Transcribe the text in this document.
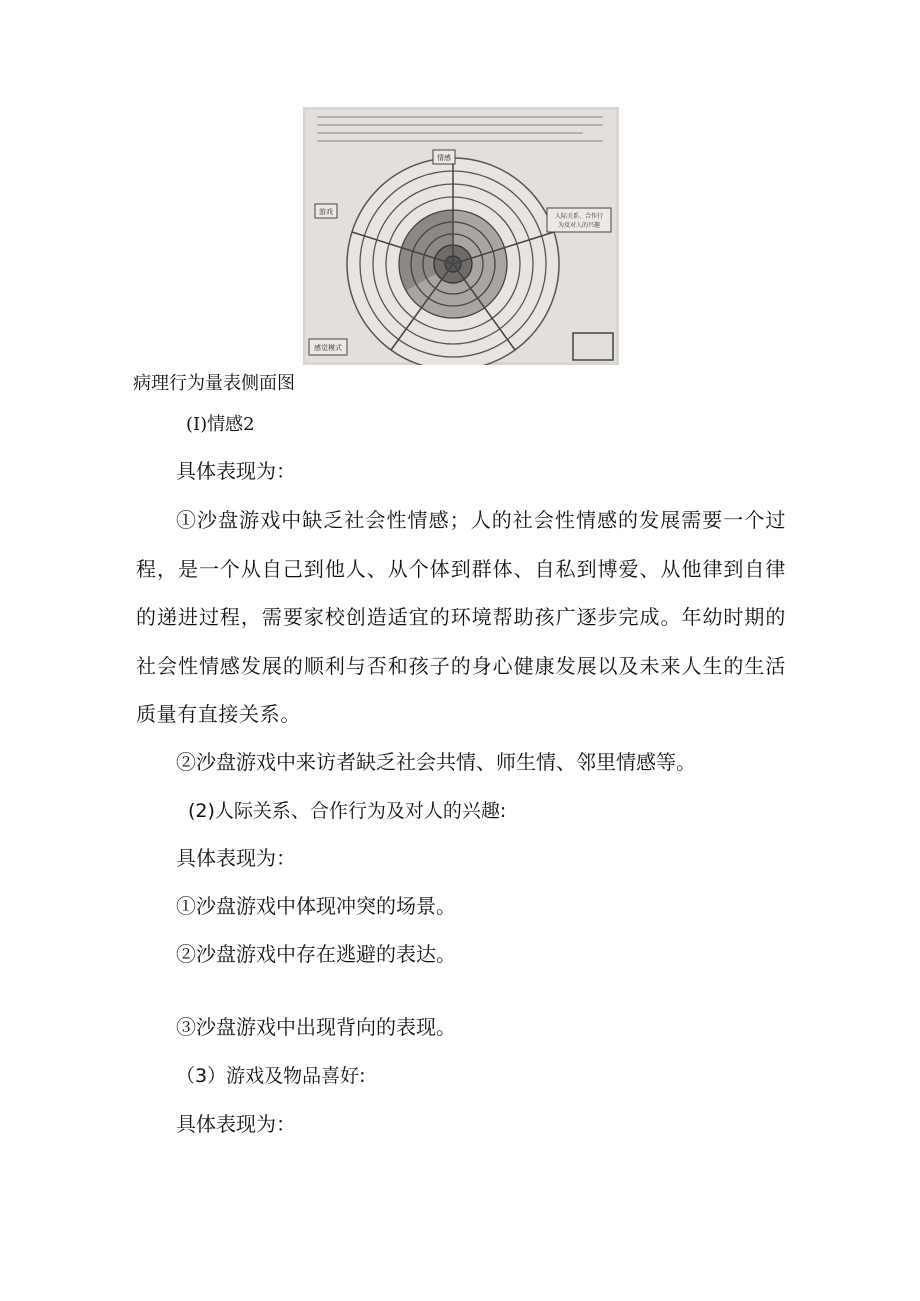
情感
游戏
人际关系、合作行
为及对人的兴趣
感觉模式
病理行为量表侧面图
(I)情感2
具体表现为：
①沙盘游戏中缺乏社会性情感；人的社会性情感的发展需要一个过程，是一个从自己到他人、从个体到群体、自私到博爱、从他律到自律的递进过程，需要家校创造适宜的环境帮助孩广逐步完成。年幼时期的社会性情感发展的顺利与否和孩子的身心健康发展以及未来人生的生活质量有直接关系。
②沙盘游戏中来访者缺乏社会共情、师生情、邻里情感等。
(2)人际关系、合作行为及对人的兴趣:
具体表现为：
①沙盘游戏中体现冲突的场景。
②沙盘游戏中存在逃避的表达。
③沙盘游戏中出现背向的表现。
（3）游戏及物品喜好:
具体表现为：
